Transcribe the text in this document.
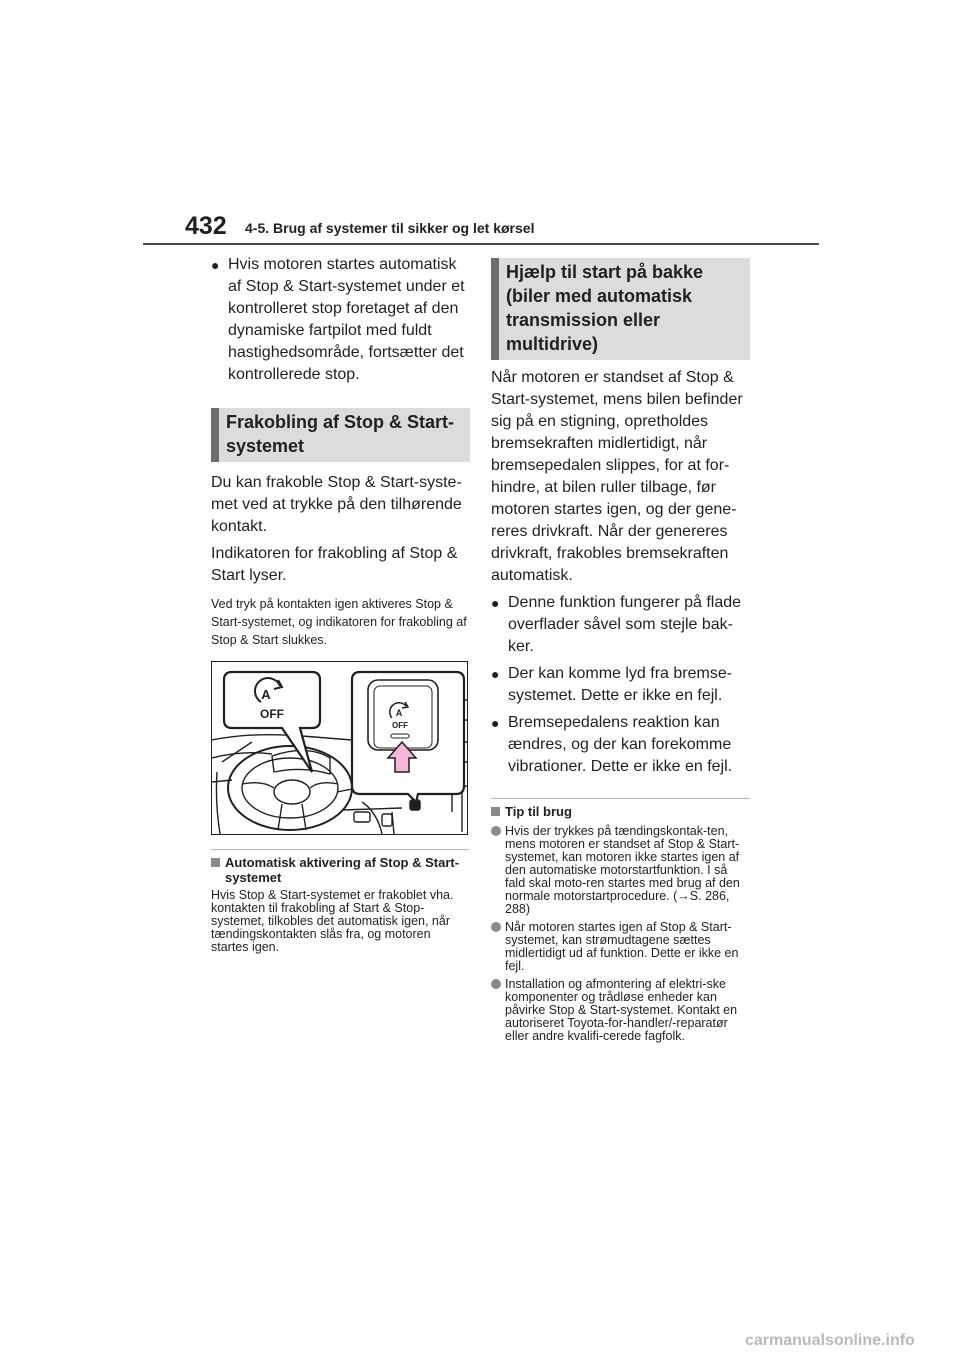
432 4-5. Brug af systemer til sikker og let kørsel
● Hvis motoren startes automatisk af Stop & Start-systemet under et kontrolleret stop foretaget af den dynamiske fartpilot med fuldt hastighedsområde, fortsætter det kontrollerede stop.
Frakobling af Stop & Start-systemet
Du kan frakoble Stop & Start-syste-met ved at trykke på den tilhørende kontakt.
Indikatoren for frakobling af Stop & Start lyser.
Ved tryk på kontakten igen aktiveres Stop & Start-systemet, og indikatoren for frakobling af Stop & Start slukkes.
A
OFF	A
OFF
Automatisk aktivering af Stop & Start-systemet
Hvis Stop & Start-systemet er frakoblet vha. kontakten til frakobling af Start & Stop-systemet, tilkobles det automatisk igen, når tændingskontakten slås fra, og motoren startes igen.
Hjælp til start på bakke (biler med automatisk transmission eller multidrive)
Når motoren er standset af Stop & Start-systemet, mens bilen befinder sig på en stigning, opretholdes bremsekraften midlertidigt, når bremsepedalen slippes, for at for-hindre, at bilen ruller tilbage, før motoren startes igen, og der gene-reres drivkraft. Når der genereres drivkraft, frakobles bremsekraften automatisk.
● Denne funktion fungerer på flade overflader såvel som stejle bak-ker.
● Der kan komme lyd fra bremse-systemet. Dette er ikke en fejl.
● Bremsepedalens reaktion kan ændres, og der kan forekomme vibrationer. Dette er ikke en fejl.
Tip til brug
Hvis der trykkes på tændingskontak-ten, mens motoren er standset af Stop & Start-systemet, kan motoren ikke startes igen af den automatiske motorstartfunktion. I så fald skal moto-ren startes med brug af den normale motorstartprocedure. (→S. 286, 288)
Når motoren startes igen af Stop & Start-systemet, kan strømudtagene sættes midlertidigt ud af funktion. Dette er ikke en fejl.
Installation og afmontering af elektri-ske komponenter og trådløse enheder kan påvirke Stop & Start-systemet. Kontakt en autoriseret Toyota-for-handler/-reparatør eller andre kvalifi-cerede fagfolk.
carmanualsonline.info
